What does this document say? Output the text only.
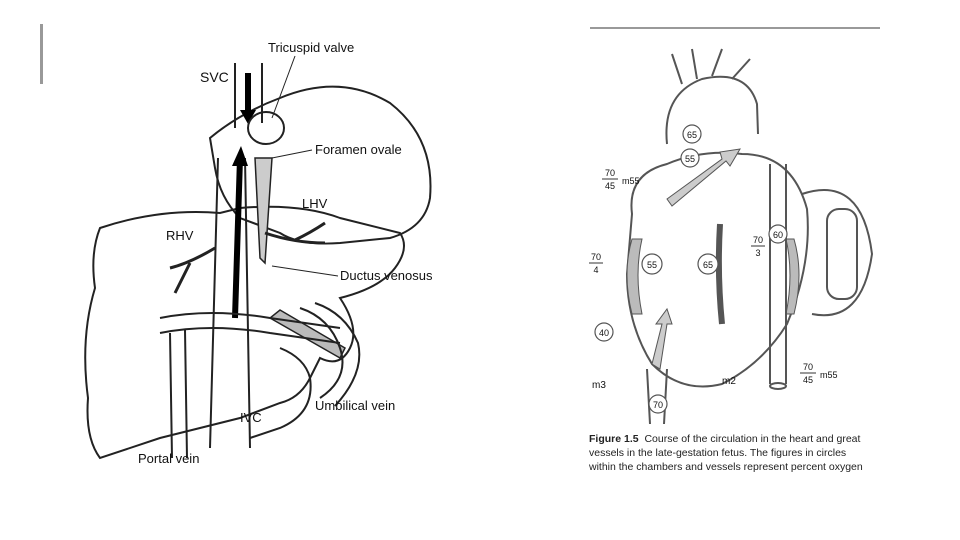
Tricuspid valve
SVC
Foramen ovale
LHV
RHV
Ductus venosus
Umbilical vein
IVC
Portal vein
65
55
55	65
60
40
70
70
45 m55
70
4
70
3
70
45 m55
m3	m2
Figure 1.5 Course of the circulation in the heart and great
vessels in the late-gestation fetus. The figures in circles
within the chambers and vessels represent percent oxygen
